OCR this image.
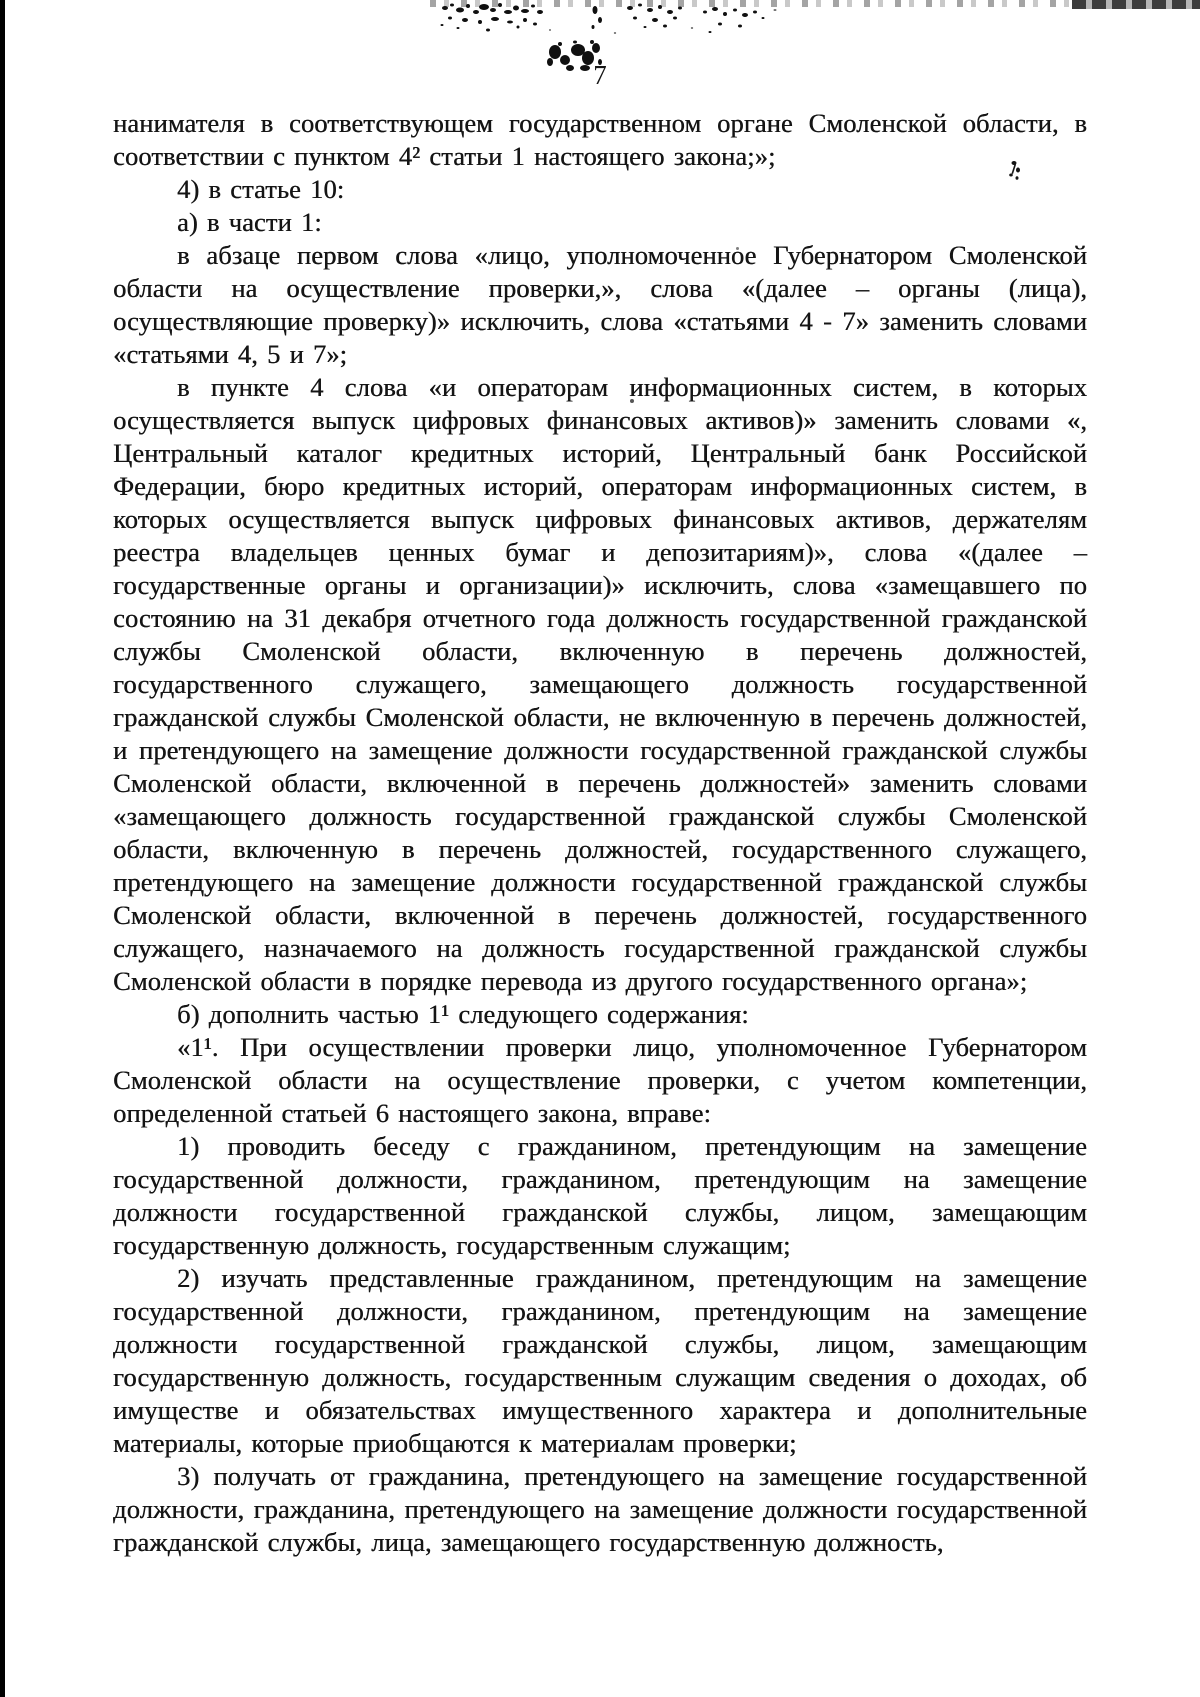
7

нанимателя в соответствующем государственном органе Смоленской области, в соответствии с пунктом 4² статьи 1 настоящего закона;»;

4) в статье 10:

а) в части 1:

в абзаце первом слова «лицо, уполномоченное Губернатором Смоленской области на осуществление проверки,», слова «(далее – органы (лица), осуществляющие проверку)» исключить, слова «статьями 4 - 7» заменить словами «статьями 4, 5 и 7»;

в пункте 4 слова «и операторам информационных систем, в которых осуществляется выпуск цифровых финансовых активов)» заменить словами «, Центральный каталог кредитных историй, Центральный банк Российской Федерации, бюро кредитных историй, операторам информационных систем, в которых осуществляется выпуск цифровых финансовых активов, держателям реестра владельцев ценных бумаг и депозитариям)», слова «(далее – государственные органы и организации)» исключить, слова «замещавшего по состоянию на 31 декабря отчетного года должность государственной гражданской службы Смоленской области, включенную в перечень должностей, государственного служащего, замещающего должность государственной гражданской службы Смоленской области, не включенную в перечень должностей, и претендующего на замещение должности государственной гражданской службы Смоленской области, включенной в перечень должностей» заменить словами «замещающего должность государственной гражданской службы Смоленской области, включенную в перечень должностей, государственного служащего, претендующего на замещение должности государственной гражданской службы Смоленской области, включенной в перечень должностей, государственного служащего, назначаемого на должность государственной гражданской службы Смоленской области в порядке перевода из другого государственного органа»;

б) дополнить частью 1¹ следующего содержания:

«1¹. При осуществлении проверки лицо, уполномоченное Губернатором Смоленской области на осуществление проверки, с учетом компетенции, определенной статьей 6 настоящего закона, вправе:

1) проводить беседу с гражданином, претендующим на замещение государственной должности, гражданином, претендующим на замещение должности государственной гражданской службы, лицом, замещающим государственную должность, государственным служащим;

2) изучать представленные гражданином, претендующим на замещение государственной должности, гражданином, претендующим на замещение должности государственной гражданской службы, лицом, замещающим государственную должность, государственным служащим сведения о доходах, об имуществе и обязательствах имущественного характера и дополнительные материалы, которые приобщаются к материалам проверки;

3) получать от гражданина, претендующего на замещение государственной должности, гражданина, претендующего на замещение должности государственной гражданской службы, лица, замещающего государственную должность,
